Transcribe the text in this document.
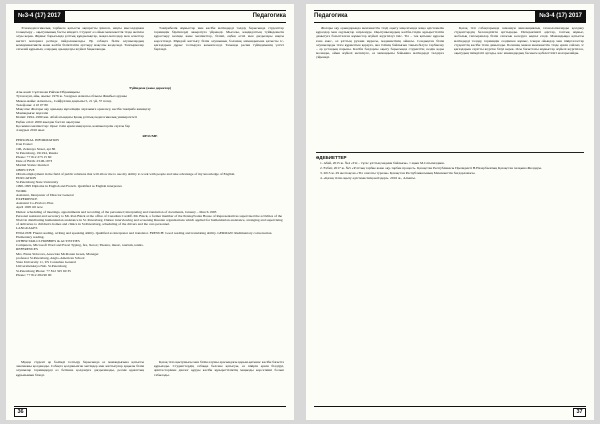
№3-4 (17) 2017	Педагогика

Этнопедагогикалық тәрбиеге қатысты ақпаратты іріктеп, нақты мысалдармен толықтыру – оқытушының басты міндеті. Студент өз ойын мемлекеттік тілде жеткізе алуы керек. Жұмыс барысында ұлттық құндылықтар, мақал-мәтелдер мен өсиеттер негізгі материал ретінде пайдаланылады. Әр сабақта білім алушылардың коммуникативтік және кәсіби біліктілігін арттыру мақсаты көзделеді. Тапсырмалар сатылай құрылып, олардың орындалуы жүйелі бақыланады.

Тәжірибелік жұмыстар мен кәсіби мәтіндерді талдау барысында студенттер терминдік бірліктерді ажыратуға үйренеді. Мысалы, кандидаттың түйіндемесін құрастыру кезінде жеке мәліметтер, білімі, еңбек өтілі мен дағдылары нақты көрсетіледі. Мұндай жаттығу білім алушының болашақ мамандығына қатысты іс-қағаздарын дұрыс толтыруға көмектеседі. Төменде ресми түйіндеменің үлгісі беріледі.

Түйіндеме (жеке деректер)
Аты-жөні: Сұлтанова Райхан Ибраимқызы
Туған күні, айы, жылы: 1976 ж. 3 наурыз Алматы облысы Жамбыл ауданы
Мекен-жайы: Алматы қ., Сейфуллин даңғылы 5, 21 үй, 37 пәтер
Телефоны: 4 10 07 80
Мақсаты: Жоғары оқу орнында мұғалімдік лауазымға орналасу, кәсіби тәжірибе жинақтау
Мамандығы: мұғалім
Білімі: 1994–1999 жж. Абай атындағы Қазақ ұлттық педагогикалық университеті
Еңбек өтілі: 2000 жылдан бастап оқытушы
Қосымша мәліметтер: Орыс тілін еркін меңгерген, компьютерлік сауаты бар
4 наурыз 2016 жыл
RESUME
PERSONAL INFORMATION
Ivan Ivanov
196, Zelenaya Street, apt 86
St Petersburg, 191194, Russia
Phone: +7 812 273 15 60
Date of Birth: 23.06.1973
Marital Status: married
OBJECTIVE
Obtain employment in the field of public relations that will allow me to use my ability to work with people and take advantage of my knowledge of English.
EDUCATION
St.Petersburg State University
1990-1995 Diploma in English and French. Qualified as English interpreter.
WORK
Assistant, Interpreter of Director General
EXPERIENCE
Assistant Co-Pavlovo Plus
April 1995 till now
Duties: scheduling of meetings, appointments and recording of the personnel; interpreting and translation of documents, January – March 1993
Personal assistant and secretary to Mr. Ron Black at the office of Canadian Cardiff. Mr. Black, a former member of the Pennsylvania House of Representatives supervised the activities of the NGO in distributing humanitarian assistance in St. Petersburg. Duties: interviewing and screening Russian organizations which applied for humanitarian assistance, arranging and supervising of deliveries to children's homes and clinics in St.Petersburg, scheduling of the drivers and the cars personnel.
LANGUAGES
ENGLISH: Fluent reading, writing and speaking ability. Qualified as interpreter and translator. FRENCH: Good reading and translating ability. GERMAN: Rudimentary conversation. Elementary reading.
OTHER SKILLS HOBBIES & ACTIVITIES
Computers, Microsoft Word and Excel Typing, fax, Xerox; Theatre, music, tourism, tennis.
REFERENCES
Mrs. Elena Sidorova, Associate Mr.Ronen Green, Manager
professor St.Petersburg, Anglo-American School
State University 11, US Consulate General
Universitetskaya Nab. St.Petersburg
St.Petersburg Phone: +7 812 325 60 35
Phone: +7 812 284 90 00

Мұнда студент әр бөлімді толтыру барысында өз мамандығына қатысты лексиканы қолданады. Сабақта қолданылған мәтіндер мен жаттығулар арқылы білім алушылар терминдерді өз бетінше қолдануға дағдыланады, ресми құжаттың құрылымын біледі.

Қазақ тілі оқытушысы мен білім алушы арасындағы қарым-қатынас кәсіби бағытта құрылады. Студенттердің сабаққа белсене қатысуы, өз пікірін еркін білдіруі, әріптестерімен диалог құруы кәсіби құзыреттіліктің маңызды көрсеткіші болып табылады.

36
Педагогика	№3-4 (17) 2017

Жоғары оқу орындарында мемлекеттік тілді оқыту мақсатында жаңа әдістемелік құралдар мен оқулықтар әзірленуде. Оқытушылардың кәсіби-тілдік құзыреттілігін дамытуға бағытталған жұмыстар жүйелі жүргізілуі тиіс. Тіл – тек қатынас құралы ғана емес, ол ұлттың рухани мұрасы, мәдениетінің айнасы. Сондықтан білім алушыларды тілге құрметпен қарауға, ана тілінің байлығын танып-білуге тәрбиелеу – әр ұстаздың парызы. Кәсіби бағдарлы оқыту барысында студенттің сөздік қоры молаяды, ойын жүйелі жеткізуге, өз мамандығы бойынша мәтіндерді талдауға үйренеді.

Қазақ тілі сабақтарында заманауи инновациялық технологияларды қолдану студенттердің белсенділігін арттырады. Интерактивті әдістер, топтық жұмыс, жобалық тапсырмалар білім сапасын көтеруге ықпал етеді. Мамандыққа қатысты мәтіндерді талдау, терминдік сөздікпен жұмыс, іскери ойындар мен пікірталастар студенттің кәсіби тілін дамытады. Болашақ маман мемлекеттік тілде еркін сөйлеп, іс қағаздарын сауатты жүргізе білуі керек. Осы бағыттағы жұмыстар жүйелі жүргізілсе, оқытудың тиімділігі артады, жас мамандардың бәсекеге қабілеттілігі жоғарылайды.

ӘДЕБИЕТТЕР

1. Абай, 2015 ж. №4 «Тіл – тұтас ұлттың мәдени байлығы» // ақын М.Сатыпалдиев.

2. Ғабит, 2017 ж. №5 «Ұлттық тәрбие және оқу-тәрбие процесі». Қазақстан Республикасы Президенті Н.Назарбаевтың Қазақстан халқына Жолдауы.

3. 2015 ж. 29 желтоқсан «Тіл саясаты туралы» Қазақстан Республикасының Мемлекеттік бағдарламасы.

4. «Қазақ тілін оқыту әдістемесінің негіздері». 2016 ж., Алматы.

37
